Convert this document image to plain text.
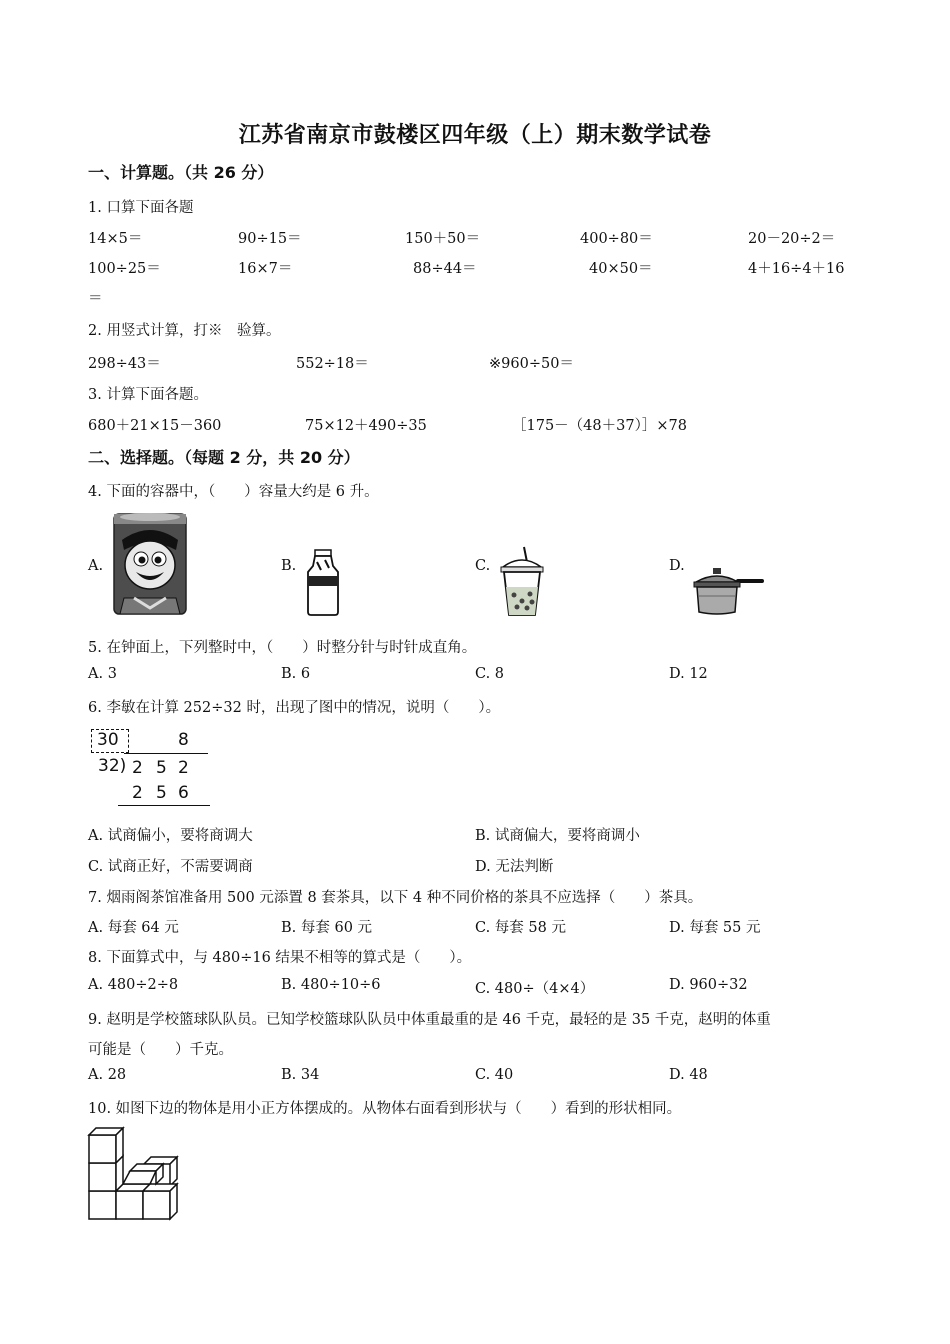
江苏省南京市鼓楼区四年级（上）期末数学试卷
一、计算题。（共 26 分）
1. 口算下面各题
14×5＝	90÷15＝	150＋50＝	400÷80＝	20－20÷2＝
100÷25＝	16×7＝	88÷44＝	40×50＝	4＋16÷4＋16
＝
2. 用竖式计算，打※　验算。
298÷43＝	552÷18＝	※960÷50＝
3. 计算下面各题。
680＋21×15－360	75×12＋490÷35	［175－（48＋37）］×78
二、选择题。（每题 2 分，共 20 分）
4. 下面的容器中，（　　）容量大约是 6 升。
A.	B.	C.	D.
5. 在钟面上，下列整时中，（　　）时整分针与时针成直角。
A. 3	B. 6	C. 8	D. 12
6. 李敏在计算 252÷32 时，出现了图中的情况，说明（　　）。
30	8
32) 2 5 2
2 5 6
A. 试商偏小，要将商调大	B. 试商偏大，要将商调小
C. 试商正好，不需要调商	D. 无法判断
7. 烟雨阁茶馆准备用 500 元添置 8 套茶具，以下 4 种不同价格的茶具不应选择（　　）茶具。
A. 每套 64 元	B. 每套 60 元	C. 每套 58 元	D. 每套 55 元
8. 下面算式中，与 480÷16 结果不相等的算式是（　　）。
A. 480÷2÷8	B. 480÷10÷6	C. 480÷（4×4）	D. 960÷32
9. 赵明是学校篮球队队员。已知学校篮球队队员中体重最重的是 46 千克，最轻的是 35 千克，赵明的体重
可能是（　　）千克。
A. 28	B. 34	C. 40	D. 48
10. 如图下边的物体是用小正方体摆成的。从物体右面看到形状与（　　）看到的形状相同。
